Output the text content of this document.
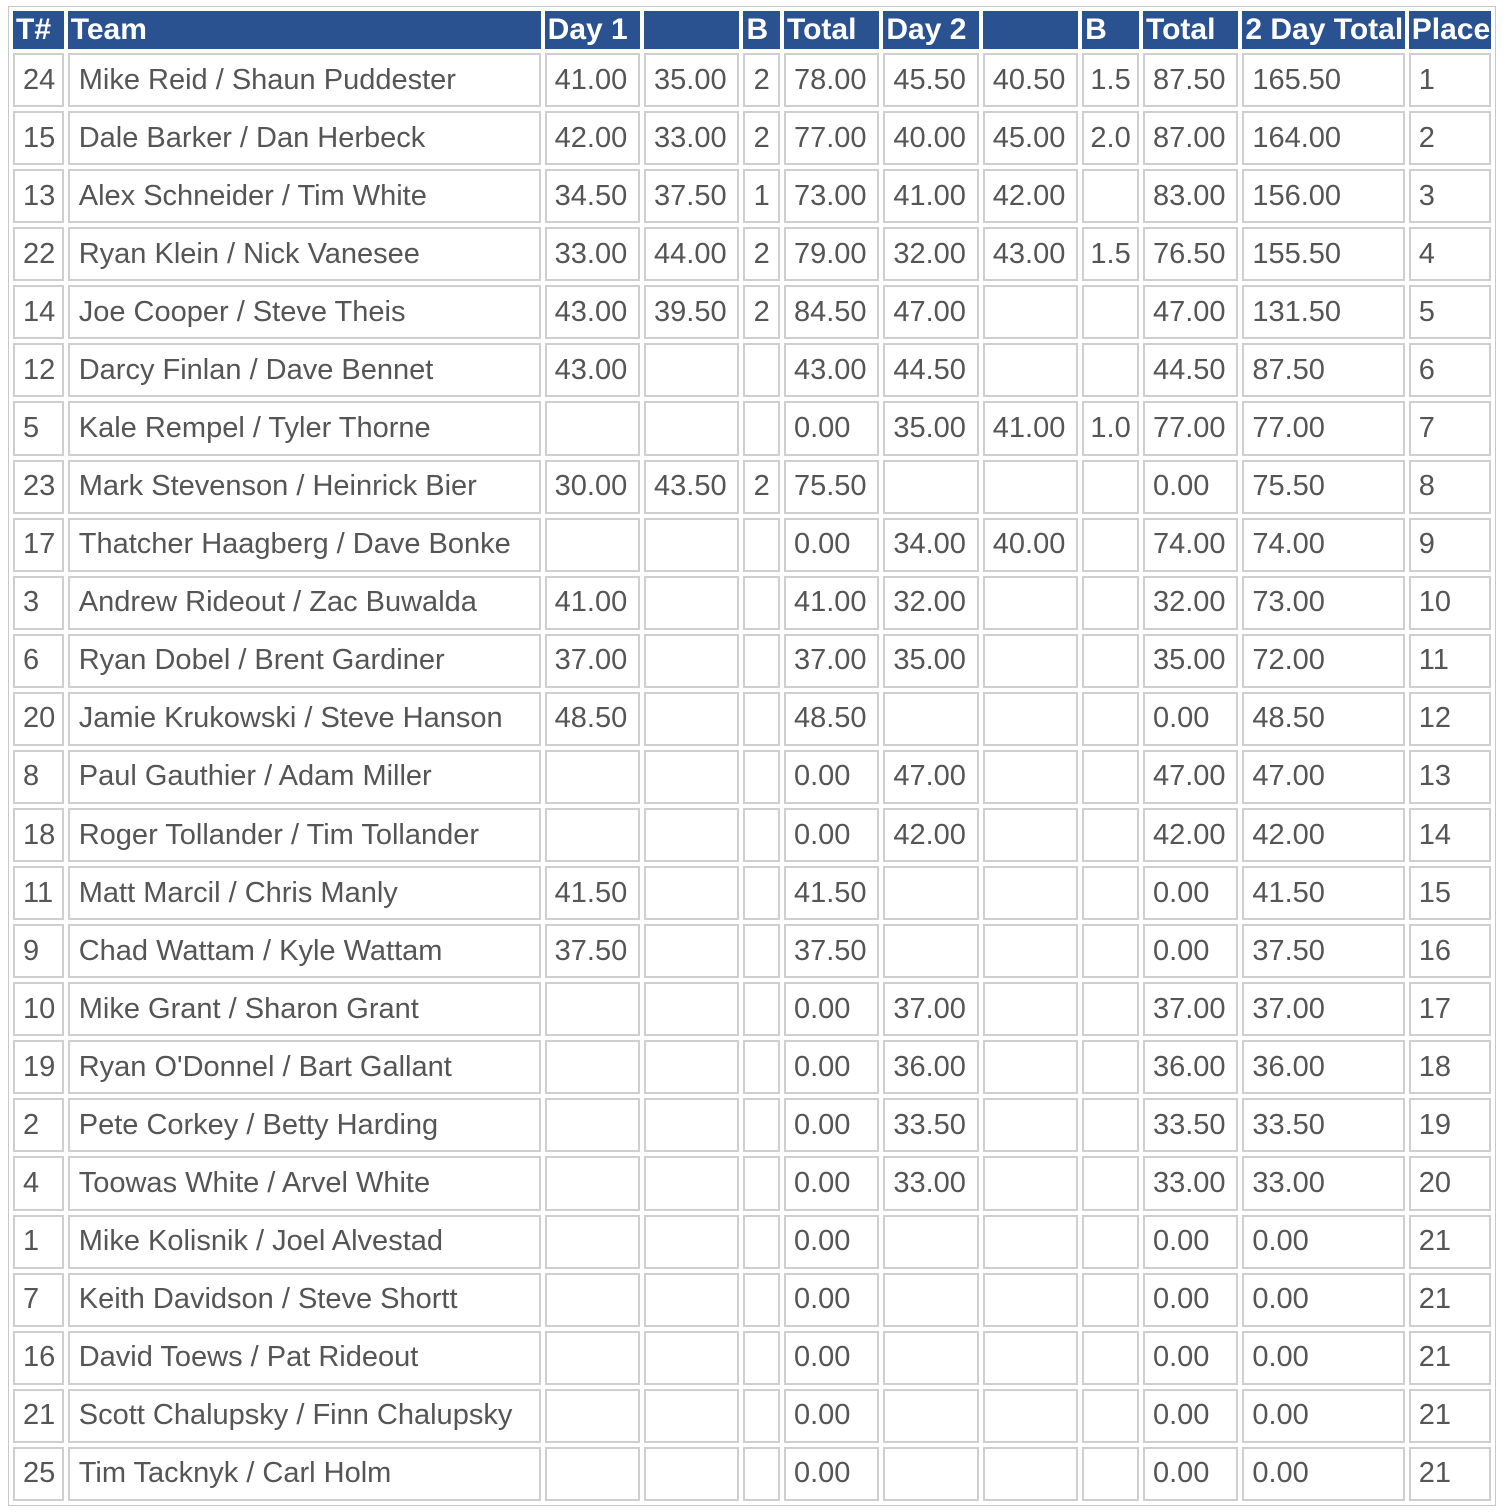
T#	Team	Day 1		B	Total	Day 2		B	Total	2 Day Total	Place
24	Mike Reid / Shaun Puddester	41.00	35.00	2	78.00	45.50	40.50	1.5	87.50	165.50	1
15	Dale Barker / Dan Herbeck	42.00	33.00	2	77.00	40.00	45.00	2.0	87.00	164.00	2
13	Alex Schneider / Tim White	34.50	37.50	1	73.00	41.00	42.00		83.00	156.00	3
22	Ryan Klein / Nick Vanesee	33.00	44.00	2	79.00	32.00	43.00	1.5	76.50	155.50	4
14	Joe Cooper / Steve Theis	43.00	39.50	2	84.50	47.00			47.00	131.50	5
12	Darcy Finlan / Dave Bennet	43.00			43.00	44.50			44.50	87.50	6
5	Kale Rempel / Tyler Thorne				0.00	35.00	41.00	1.0	77.00	77.00	7
23	Mark Stevenson / Heinrick Bier	30.00	43.50	2	75.50				0.00	75.50	8
17	Thatcher Haagberg / Dave Bonke				0.00	34.00	40.00		74.00	74.00	9
3	Andrew Rideout / Zac Buwalda	41.00			41.00	32.00			32.00	73.00	10
6	Ryan Dobel / Brent Gardiner	37.00			37.00	35.00			35.00	72.00	11
20	Jamie Krukowski / Steve Hanson	48.50			48.50				0.00	48.50	12
8	Paul Gauthier / Adam Miller				0.00	47.00			47.00	47.00	13
18	Roger Tollander / Tim Tollander				0.00	42.00			42.00	42.00	14
11	Matt Marcil / Chris Manly	41.50			41.50				0.00	41.50	15
9	Chad Wattam / Kyle Wattam	37.50			37.50				0.00	37.50	16
10	Mike Grant / Sharon Grant				0.00	37.00			37.00	37.00	17
19	Ryan O'Donnel / Bart Gallant				0.00	36.00			36.00	36.00	18
2	Pete Corkey / Betty Harding				0.00	33.50			33.50	33.50	19
4	Toowas White / Arvel White				0.00	33.00			33.00	33.00	20
1	Mike Kolisnik / Joel Alvestad				0.00				0.00	0.00	21
7	Keith Davidson / Steve Shortt				0.00				0.00	0.00	21
16	David Toews / Pat Rideout				0.00				0.00	0.00	21
21	Scott Chalupsky / Finn Chalupsky				0.00				0.00	0.00	21
25	Tim Tacknyk / Carl Holm				0.00				0.00	0.00	21
